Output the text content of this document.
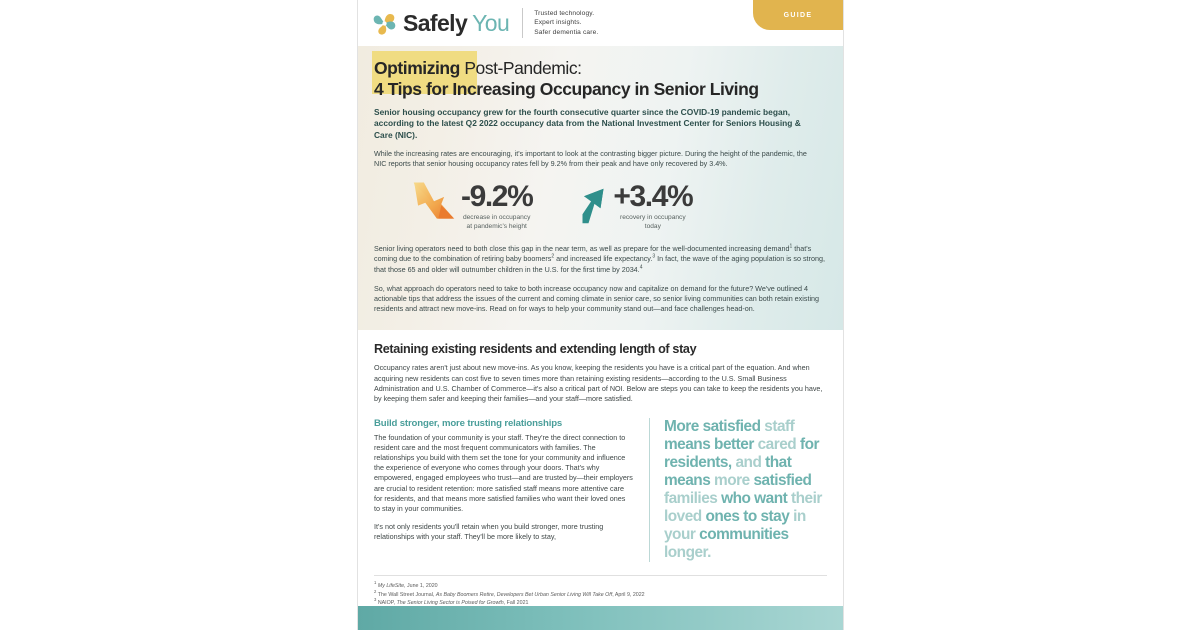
Safely You	Trusted technology.
Expert insights.
Safer dementia care.
GUIDE
Optimizing Post-Pandemic:
4 Tips for Increasing Occupancy in Senior Living

Senior housing occupancy grew for the fourth consecutive quarter since the COVID-19 pandemic began, according to the latest Q2 2022 occupancy data from the National Investment Center for Seniors Housing & Care (NIC).

While the increasing rates are encouraging, it's important to look at the contrasting bigger picture. During the height of the pandemic, the NIC reports that senior housing occupancy rates fell by 9.2% from their peak and have only recovered by 3.4%.

-9.2%
decrease in occupancy
at pandemic's height
+3.4%
recovery in occupancy
today

Senior living operators need to both close this gap in the near term, as well as prepare for the well-documented increasing demand$^1$ that's coming due to the combination of retiring baby boomers$^2$ and increased life expectancy.$^3$ In fact, the wave of the aging population is so strong, that those 65 and older will outnumber children in the U.S. for the first time by 2034.$^4$

So, what approach do operators need to take to both increase occupancy now and capitalize on demand for the future? We've outlined 4 actionable tips that address the issues of the current and coming climate in senior care, so senior living communities can both retain existing residents and attract new move-ins. Read on for ways to help your community stand out—and face challenges head-on.

Retaining existing residents and extending length of stay

Occupancy rates aren't just about new move-ins. As you know, keeping the residents you have is a critical part of the equation. And when acquiring new residents can cost five to seven times more than retaining existing residents—according to the U.S. Small Business Administration and U.S. Chamber of Commerce—it's also a critical part of NOI. Below are steps you can take to keep the residents you have, by keeping them safer and keeping their families—and your staff—more satisfied.

Build stronger, more trusting relationships

The foundation of your community is your staff. They're the direct connection to resident care and the most frequent communicators with families. The relationships you build with them set the tone for your community and influence the experience of everyone who comes through your doors. That's why empowered, engaged employees who trust—and are trusted by—their employers are crucial to resident retention: more satisfied staff means more attentive care for residents, and that means more satisfied families who want their loved ones to stay in your communities.

It's not only residents you'll retain when you build stronger, more trusting relationships with your staff. They'll be more likely to stay,

More satisfied staff means better cared for residents, and that means more satisfied families who want their loved ones to stay in your communities longer.
$^1$ My LifeSite, June 1, 2020
$^2$ The Wall Street Journal, As Baby Boomers Retire, Developers Bet Urban Senior Living Will Take Off, April 9, 2022
$^3$ NAIOP, The Senior Living Sector is Poised for Growth, Fall 2021
